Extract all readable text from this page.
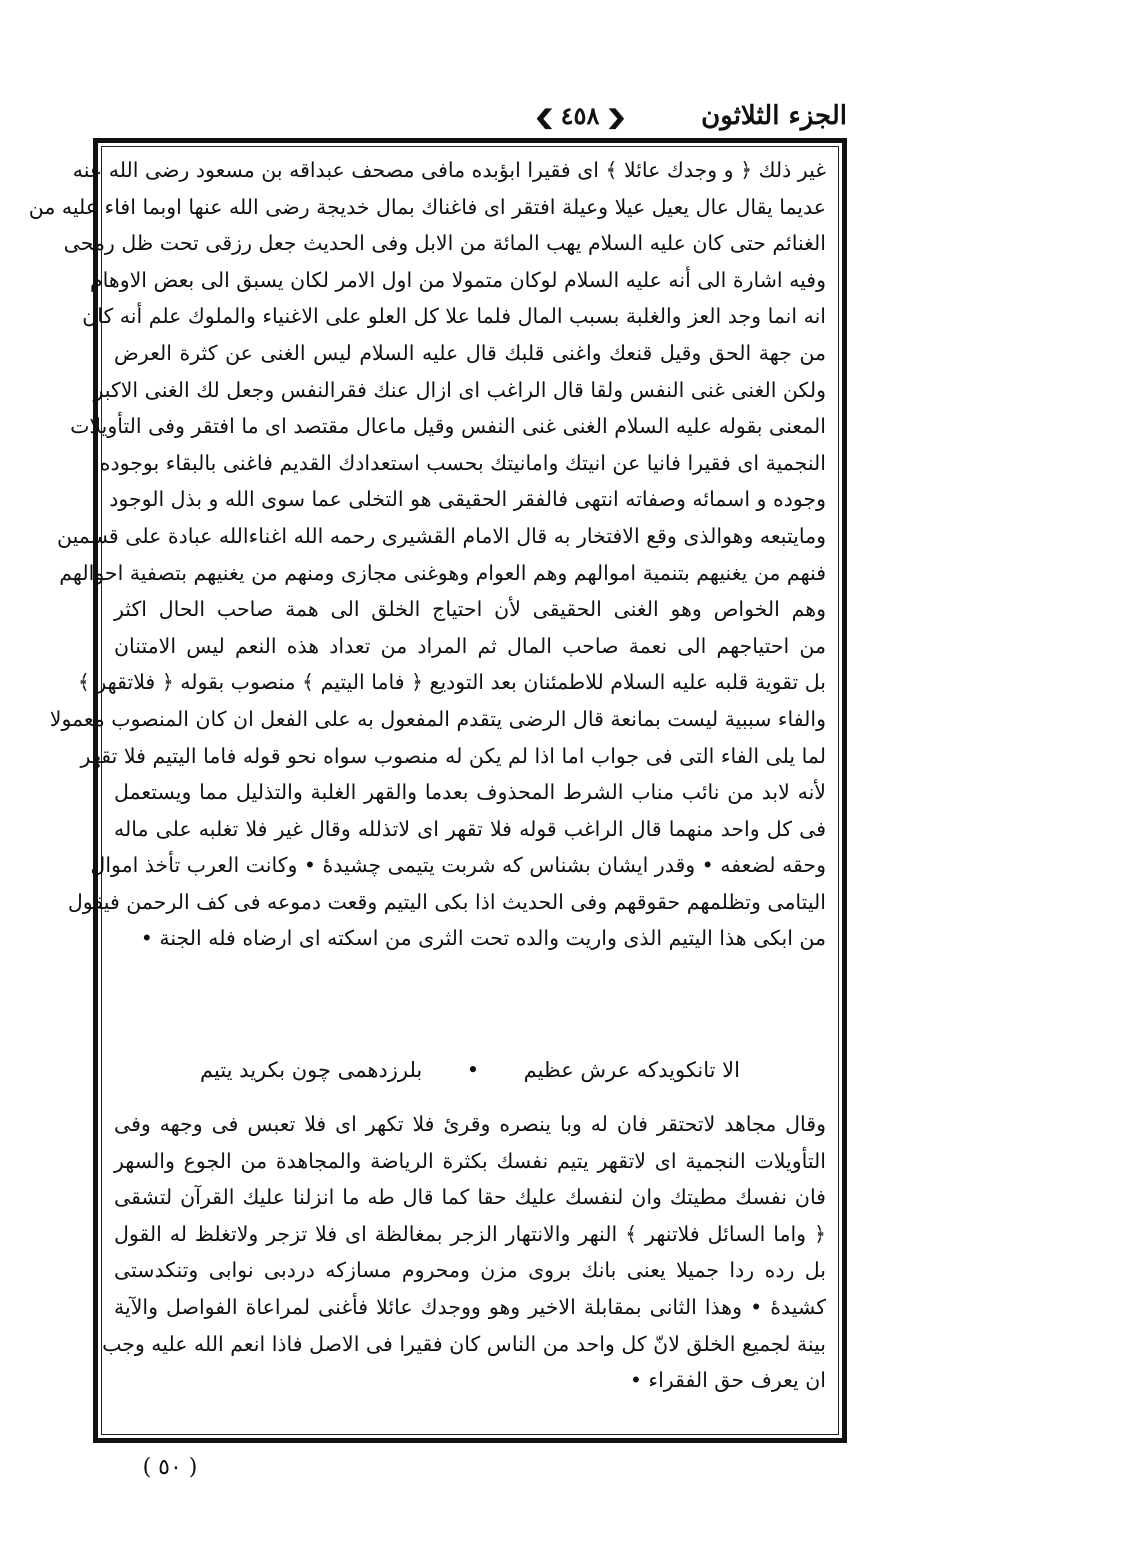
❮ ٤٥٨ ❯	الجزء الثلاثون
غير ذلك ﴿ و وجدك عائلا ﴾ اى فقيرا ابؤبده مافى مصحف عبداقه بن مسعود رضى الله عنه
عديما يقال عال يعيل عيلا وعيلة افتقر اى فاغناك بمال خديجة رضى الله عنها اوبما افاء عليه من
الغنائم حتى كان عليه السلام يهب المائة من الابل وفى الحديث جعل رزقى تحت ظل رمحى
وفيه اشارة الى أنه عليه السلام لوكان متمولا من اول الامر لكان يسبق الى بعض الاوهام
انه انما وجد العز والغلبة بسبب المال فلما علا كل العلو على الاغنياء والملوك علم أنه كان
من جهة الحق وقيل قنعك واغنى قلبك قال عليه السلام ليس الغنى عن كثرة العرض
ولكن الغنى غنى النفس ولقا قال الراغب اى ازال عنك فقرالنفس وجعل لك الغنى الاكبر
المعنى بقوله عليه السلام الغنى غنى النفس وقيل ماعال مقتصد اى ما افتقر وفى التأويلات
النجمية اى فقيرا فانيا عن انيتك وامانيتك بحسب استعدادك القديم فاغنى بالبقاء بوجوده
وجوده و اسمائه وصفاته انتهى فالفقر الحقيقى هو التخلى عما سوى الله و بذل الوجود
ومايتبعه وهوالذى وقع الافتخار به قال الامام القشيرى رحمه الله اغناءالله عبادة على قسمين
فنهم من يغنيهم بتنمية اموالهم وهم العوام وهوغنى مجازى ومنهم من يغنيهم بتصفية احوالهم
وهم الخواص وهو الغنى الحقيقى لأن احتياج الخلق الى همة صاحب الحال اكثر
من احتياجهم الى نعمة صاحب المال ثم المراد من تعداد هذه النعم ليس الامتنان
بل تقوية قلبه عليه السلام للاطمئنان بعد التوديع ﴿ فاما اليتيم ﴾ منصوب بقوله ﴿ فلاتقهر ﴾
والفاء سببية ليست بمانعة قال الرضى يتقدم المفعول به على الفعل ان كان المنصوب معمولا
لما يلى الفاء التى فى جواب اما اذا لم يكن له منصوب سواه نحو قوله فاما اليتيم فلا تقهر
لأنه لابد من نائب مناب الشرط المحذوف بعدما والقهر الغلبة والتذليل مما ويستعمل
فى كل واحد منهما قال الراغب قوله فلا تقهر اى لاتذلله وقال غير فلا تغلبه على ماله
وحقه لضعفه • وقدر ايشان بشناس كه شربت يتيمى چشيدهٔ • وكانت العرب تأخذ اموال
اليتامى وتظلمهم حقوقهم وفى الحديث اذا بكى اليتيم وقعت دموعه فى كف الرحمن فيقول
من ابكى هذا اليتيم الذى واريت والده تحت الثرى من اسكته اى ارضاه فله الجنة •
الا تانكويدكه عرش عظيم
•
بلرزدهمى چون بكريد يتيم
وقال مجاهد لاتحتقر فان له وبا ينصره وقرئ فلا تكهر اى فلا تعبس فى وجهه وفى
التأويلات النجمية اى لاتقهر يتيم نفسك بكثرة الرياضة والمجاهدة من الجوع والسهر
فان نفسك مطيتك وان لنفسك عليك حقا كما قال طه ما انزلنا عليك القرآن لتشقى
﴿ واما السائل فلاتنهر ﴾ النهر والانتهار الزجر بمغالظة اى فلا تزجر ولاتغلظ له القول
بل رده ردا جميلا يعنى بانك بروى مزن ومحروم مسازكه دردبى نوابى وتنكدستى
كشيدهٔ • وهذا الثانى بمقابلة الاخير وهو ووجدك عائلا فأغنى لمراعاة الفواصل والآية
بينة لجميع الخلق لانّ كل واحد من الناس كان فقيرا فى الاصل فاذا انعم الله عليه وجب
ان يعرف حق الفقراء •
( ٥٠ )
